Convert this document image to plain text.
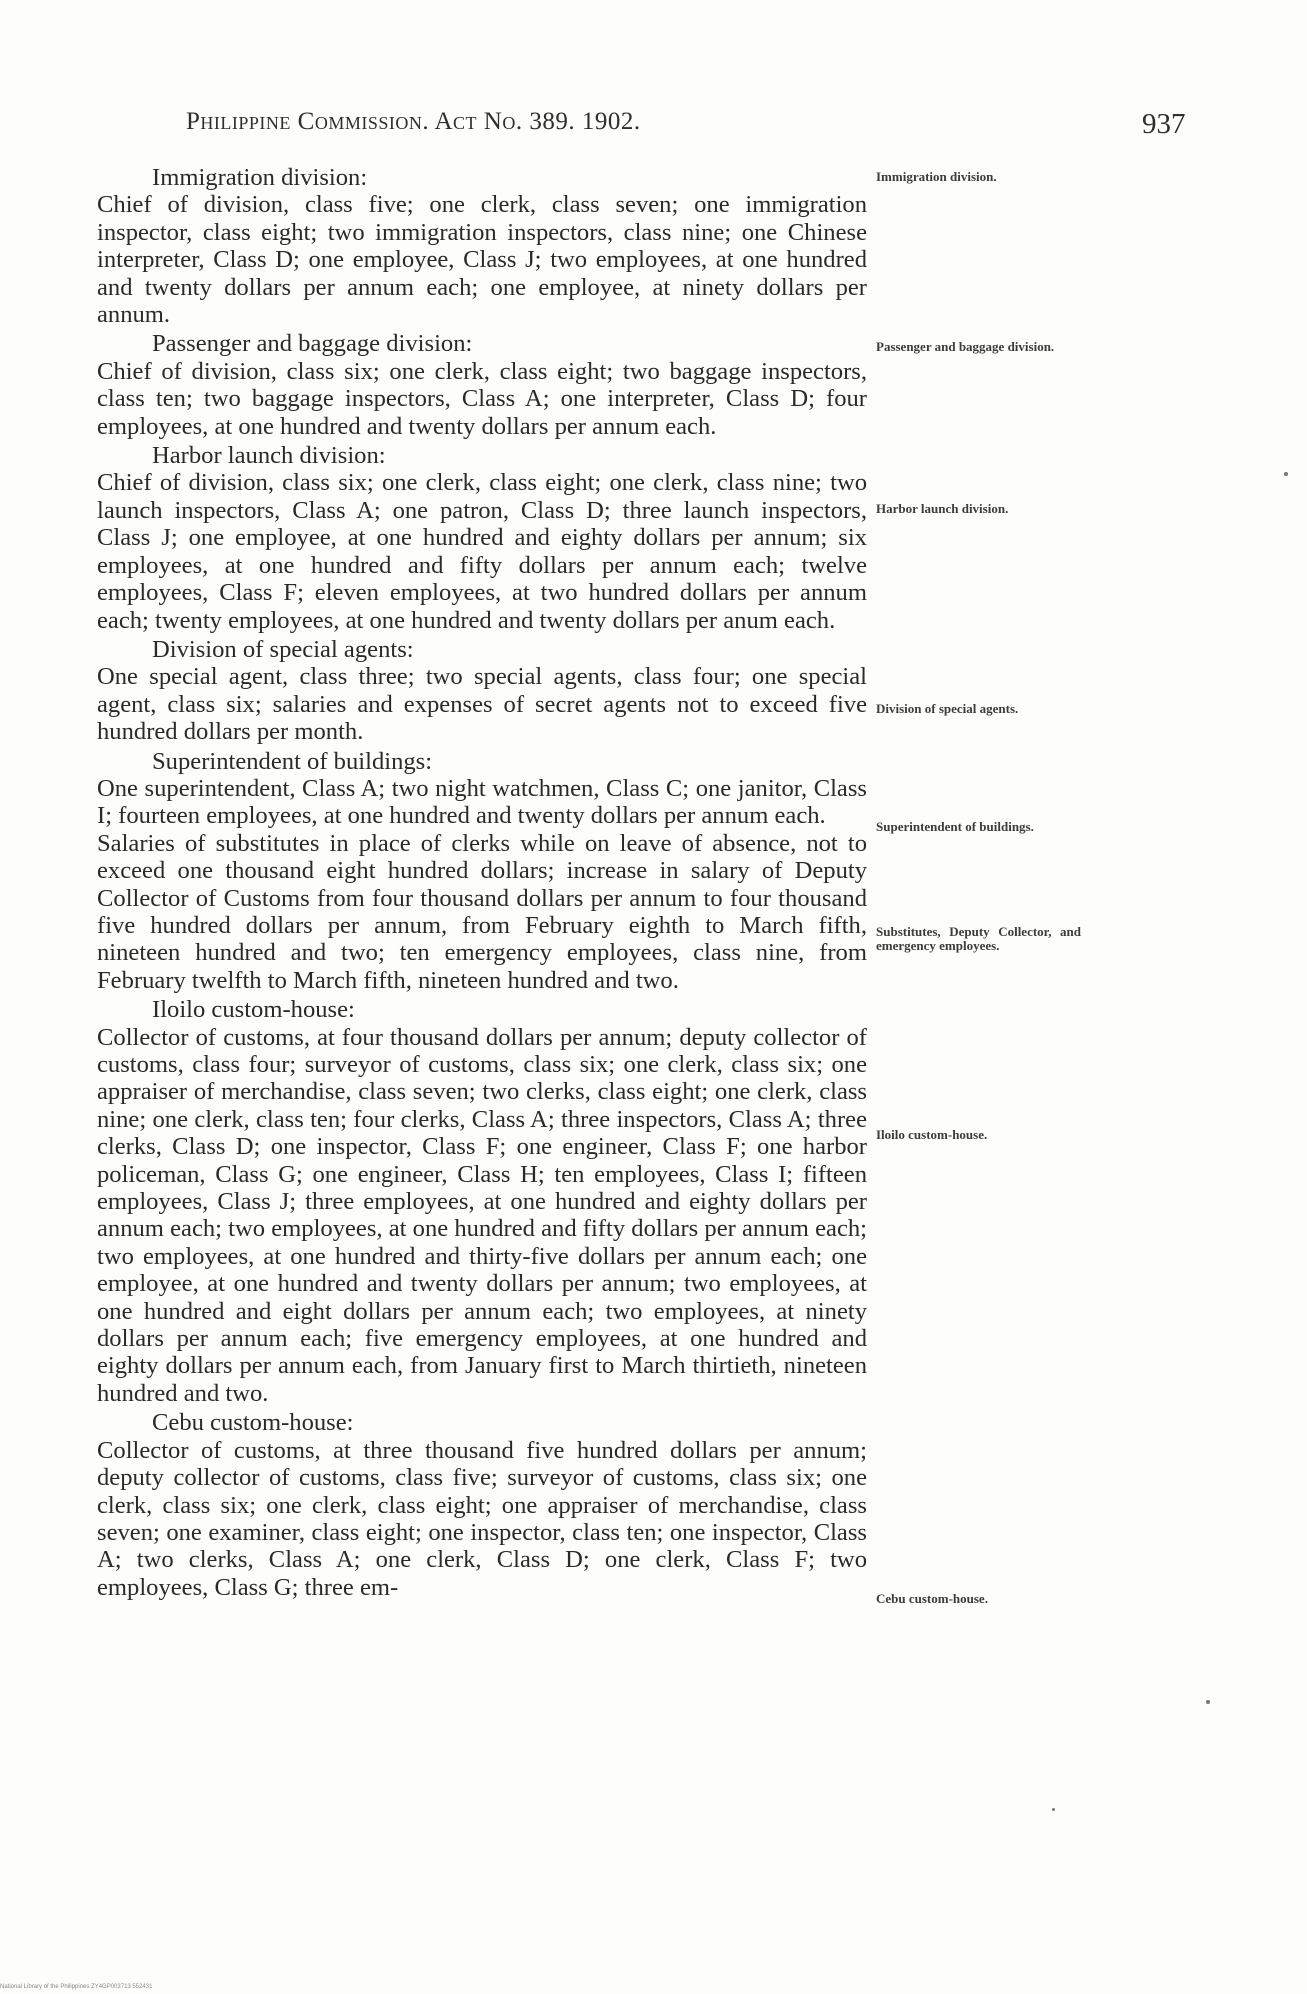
Philippine Commission. Act No. 389. 1902.	937

Immigration division:

Chief of division, class five; one clerk, class seven; one immigration inspector, class eight; two immigration inspectors, class nine; one Chinese interpreter, Class D; one employee, Class J; two employees, at one hundred and twenty dollars per annum each; one employee, at ninety dollars per annum.

Passenger and baggage division:

Chief of division, class six; one clerk, class eight; two baggage inspectors, class ten; two baggage inspectors, Class A; one interpreter, Class D; four employees, at one hundred and twenty dollars per annum each.

Harbor launch division:

Chief of division, class six; one clerk, class eight; one clerk, class nine; two launch inspectors, Class A; one patron, Class D; three launch inspectors, Class J; one employee, at one hundred and eighty dollars per annum; six employees, at one hundred and fifty dollars per annum each; twelve employees, Class F; eleven employees, at two hundred dollars per annum each; twenty employees, at one hundred and twenty dollars per anum each.

Division of special agents:

One special agent, class three; two special agents, class four; one special agent, class six; salaries and expenses of secret agents not to exceed five hundred dollars per month.

Superintendent of buildings:

One superintendent, Class A; two night watchmen, Class C; one janitor, Class I; fourteen employees, at one hundred and twenty dollars per annum each.

Salaries of substitutes in place of clerks while on leave of absence, not to exceed one thousand eight hundred dollars; increase in salary of Deputy Collector of Customs from four thousand dollars per annum to four thousand five hundred dollars per annum, from February eighth to March fifth, nineteen hundred and two; ten emergency employees, class nine, from February twelfth to March fifth, nineteen hundred and two.

Iloilo custom-house:

Collector of customs, at four thousand dollars per annum; deputy collector of customs, class four; surveyor of customs, class six; one clerk, class six; one appraiser of merchandise, class seven; two clerks, class eight; one clerk, class nine; one clerk, class ten; four clerks, Class A; three inspectors, Class A; three clerks, Class D; one inspector, Class F; one engineer, Class F; one harbor policeman, Class G; one engineer, Class H; ten employees, Class I; fifteen employees, Class J; three employees, at one hundred and eighty dollars per annum each; two employees, at one hundred and fifty dollars per annum each; two employees, at one hundred and thirty-five dollars per annum each; one employee, at one hundred and twenty dollars per annum; two employees, at one hundred and eight dollars per annum each; two employees, at ninety dollars per annum each; five emergency employees, at one hundred and eighty dollars per annum each, from January first to March thirtieth, nineteen hundred and two.

Cebu custom-house:

Collector of customs, at three thousand five hundred dollars per annum; deputy collector of customs, class five; surveyor of customs, class six; one clerk, class six; one clerk, class eight; one appraiser of merchandise, class seven; one examiner, class eight; one inspector, class ten; one inspector, Class A; two clerks, Class A; one clerk, Class D; one clerk, Class F; two employees, Class G; three em-

Immigration division.
Passenger and baggage division.
Harbor launch division.
Division of special agents.
Superintendent of buildings.
Substitutes, Deputy Collector, and emergency employees.
Iloilo custom-house.
Cebu custom-house.
National Library of the Philippines ZY4GP003713 552431
